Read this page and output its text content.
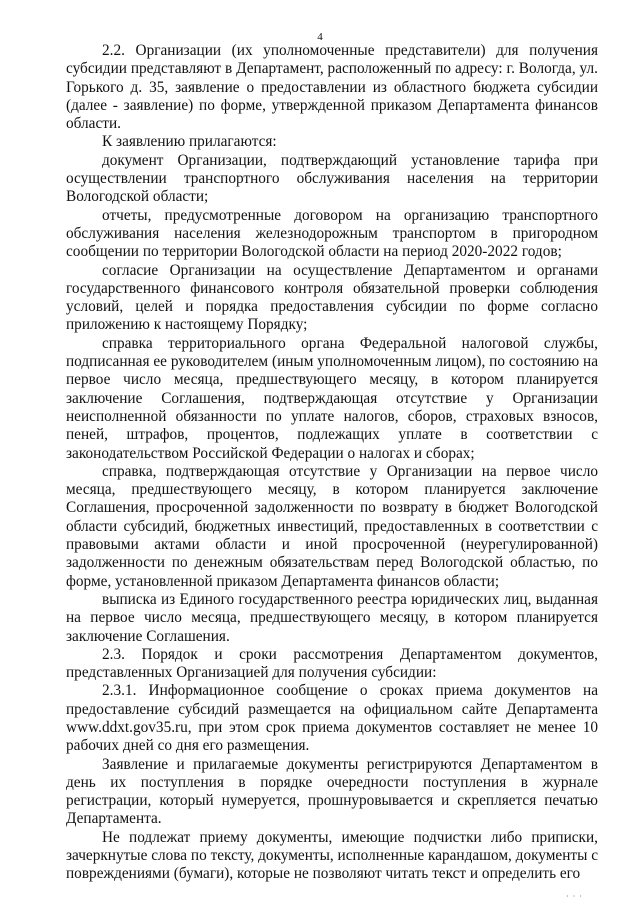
4

2.2. Организации (их уполномоченные представители) для получения субсидии представляют в Департамент, расположенный по адресу: г. Вологда, ул. Горького д. 35, заявление о предоставлении из областного бюджета субсидии (далее - заявление) по форме, утвержденной приказом Департамента финансов области.

К заявлению прилагаются:

документ Организации, подтверждающий установление тарифа при осуществлении транспортного обслуживания населения на территории Вологодской области;

отчеты, предусмотренные договором на организацию транспортного обслуживания населения железнодорожным транспортом в пригородном сообщении по территории Вологодской области на период 2020-2022 годов;

согласие Организации на осуществление Департаментом и органами государственного финансового контроля обязательной проверки соблюдения условий, целей и порядка предоставления субсидии по форме согласно приложению к настоящему Порядку;

справка территориального органа Федеральной налоговой службы, подписанная ее руководителем (иным уполномоченным лицом), по состоянию на первое число месяца, предшествующего месяцу, в котором планируется заключение Соглашения, подтверждающая отсутствие у Организации неисполненной обязанности по уплате налогов, сборов, страховых взносов, пеней, штрафов, процентов, подлежащих уплате в соответствии с законодательством Российской Федерации о налогах и сборах;

справка, подтверждающая отсутствие у Организации на первое число месяца, предшествующего месяцу, в котором планируется заключение Соглашения, просроченной задолженности по возврату в бюджет Вологодской области субсидий, бюджетных инвестиций, предоставленных в соответствии с правовыми актами области и иной просроченной (неурегулированной) задолженности по денежным обязательствам перед Вологодской областью, по форме, установленной приказом Департамента финансов области;

выписка из Единого государственного реестра юридических лиц, выданная на первое число месяца, предшествующего месяцу, в котором планируется заключение Соглашения.

2.3. Порядок и сроки рассмотрения Департаментом документов, представленных Организацией для получения субсидии:

2.3.1. Информационное сообщение о сроках приема документов на предоставление субсидий размещается на официальном сайте Департамента www.ddxt.gov35.ru, при этом срок приема документов составляет не менее 10 рабочих дней со дня его размещения.

Заявление и прилагаемые документы регистрируются Департаментом в день их поступления в порядке очередности поступления в журнале регистрации, который нумеруется, прошнуровывается и скрепляется печатью Департамента.

Не подлежат приему документы, имеющие подчистки либо приписки, зачеркнутые слова по тексту, документы, исполненные карандашом, документы с повреждениями (бумаги), которые не позволяют читать текст и определить его

· · ·
